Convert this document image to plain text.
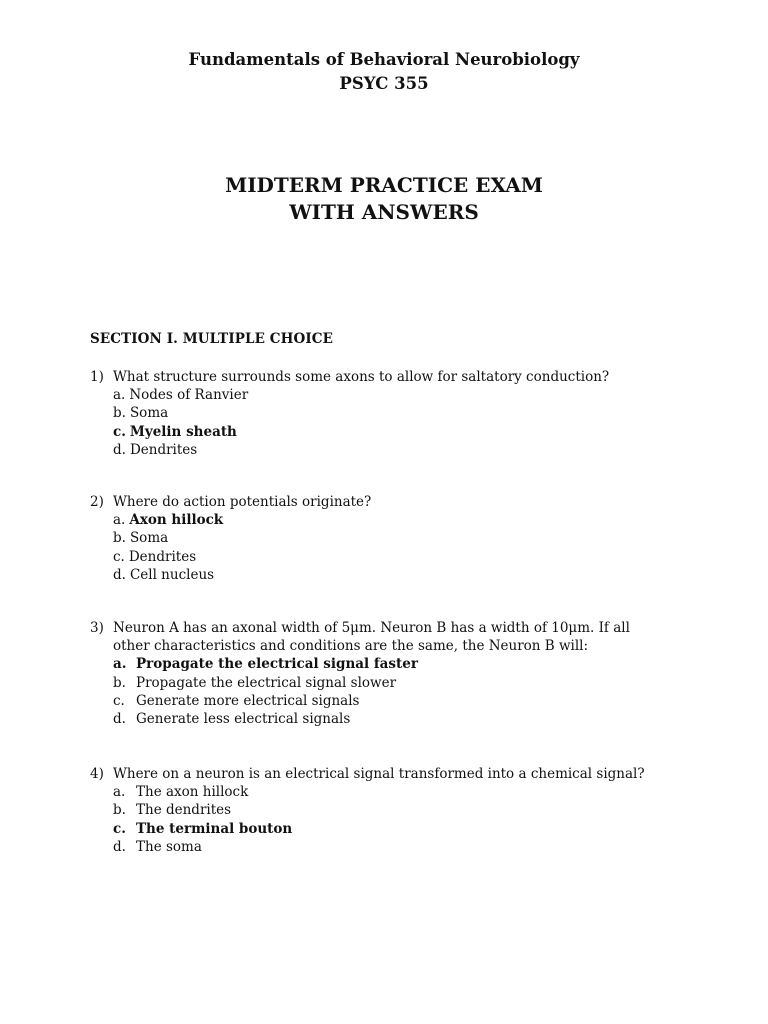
Fundamentals of Behavioral Neurobiology
PSYC 355
MIDTERM PRACTICE EXAM
WITH ANSWERS
SECTION I. MULTIPLE CHOICE
1) What structure surrounds some axons to allow for saltatory conduction?
a. Nodes of Ranvier
b. Soma
c. Myelin sheath
d. Dendrites
2) Where do action potentials originate?
a. Axon hillock
b. Soma
c. Dendrites
d. Cell nucleus
3) Neuron A has an axonal width of 5μm. Neuron B has a width of 10μm. If all other characteristics and conditions are the same, the Neuron B will:
a. Propagate the electrical signal faster
b. Propagate the electrical signal slower
c. Generate more electrical signals
d. Generate less electrical signals
4) Where on a neuron is an electrical signal transformed into a chemical signal?
a. The axon hillock
b. The dendrites
c. The terminal bouton
d. The soma
